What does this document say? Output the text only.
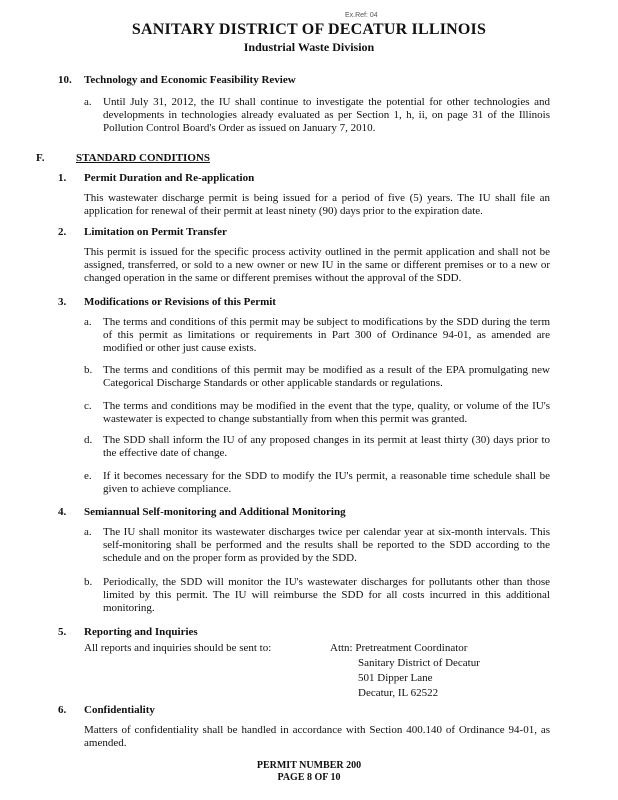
Ex.Ref: 04
SANITARY DISTRICT OF DECATUR ILLINOIS
Industrial Waste Division
10. Technology and Economic Feasibility Review
a. Until July 31, 2012, the IU shall continue to investigate the potential for other technologies and developments in technologies already evaluated as per Section 1, h, ii, on page 31 of the Illinois Pollution Control Board's Order as issued on January 7, 2010.
F.	STANDARD CONDITIONS
1. Permit Duration and Re-application
This wastewater discharge permit is being issued for a period of five (5) years. The IU shall file an application for renewal of their permit at least ninety (90) days prior to the expiration date.
2. Limitation on Permit Transfer
This permit is issued for the specific process activity outlined in the permit application and shall not be assigned, transferred, or sold to a new owner or new IU in the same or different premises or to a new or changed operation in the same or different premises without the approval of the SDD.
3. Modifications or Revisions of this Permit
a. The terms and conditions of this permit may be subject to modifications by the SDD during the term of this permit as limitations or requirements in Part 300 of Ordinance 94-01, as amended are modified or other just cause exists.
b. The terms and conditions of this permit may be modified as a result of the EPA promulgating new Categorical Discharge Standards or other applicable standards or regulations.
c. The terms and conditions may be modified in the event that the type, quality, or volume of the IU's wastewater is expected to change substantially from when this permit was granted.
d. The SDD shall inform the IU of any proposed changes in its permit at least thirty (30) days prior to the effective date of change.
e. If it becomes necessary for the SDD to modify the IU's permit, a reasonable time schedule shall be given to achieve compliance.
4. Semiannual Self-monitoring and Additional Monitoring
a. The IU shall monitor its wastewater discharges twice per calendar year at six-month intervals. This self-monitoring shall be performed and the results shall be reported to the SDD according to the schedule and on the proper form as provided by the SDD.
b. Periodically, the SDD will monitor the IU's wastewater discharges for pollutants other than those limited by this permit. The IU will reimburse the SDD for all costs incurred in this additional monitoring.
5. Reporting and Inquiries
All reports and inquiries should be sent to:	Attn: Pretreatment Coordinator
Sanitary District of Decatur
501 Dipper Lane
Decatur, IL 62522
6. Confidentiality
Matters of confidentiality shall be handled in accordance with Section 400.140 of Ordinance 94-01, as amended.
PERMIT NUMBER 200
PAGE 8 OF 10
